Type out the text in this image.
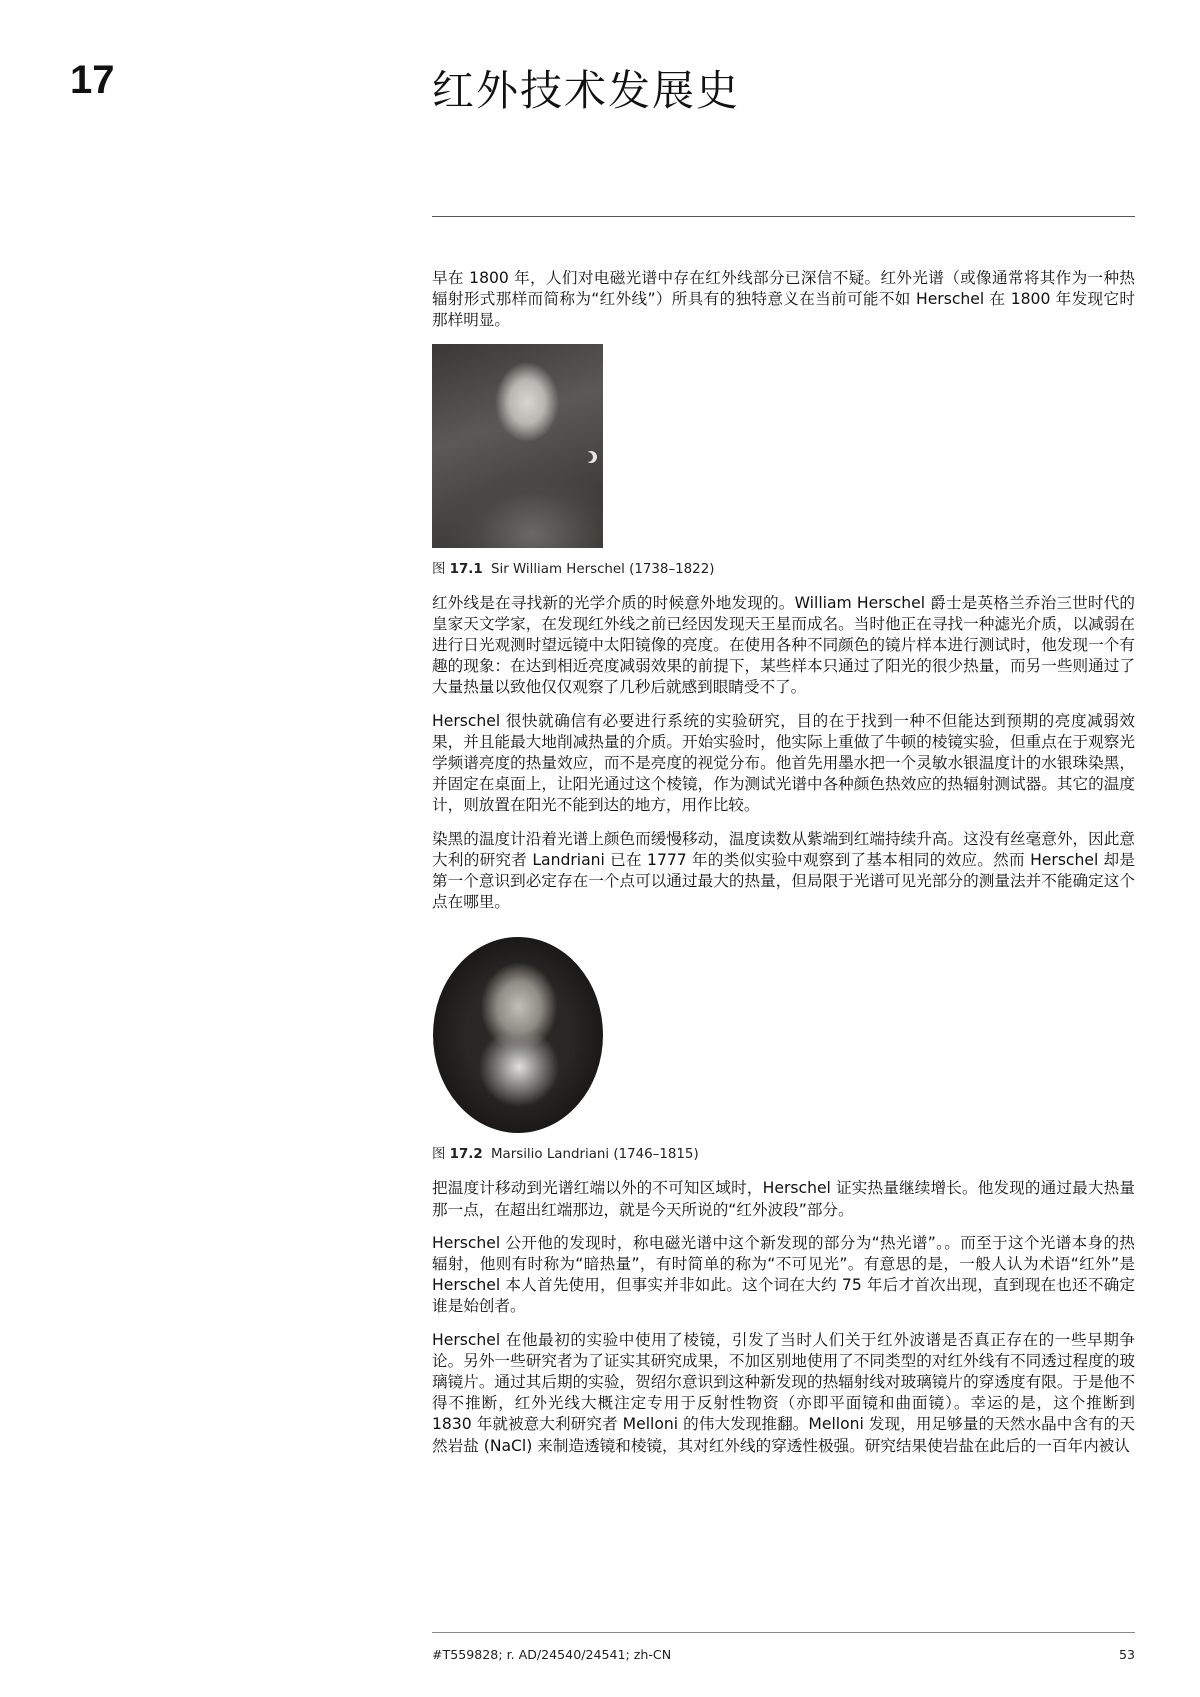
17	红外技术发展史

早在 1800 年，人们对电磁光谱中存在红外线部分已深信不疑。红外光谱（或像通常将其作为一种热辐射形式那样而简称为“红外线”）所具有的独特意义在当前可能不如 Herschel 在 1800 年发现它时那样明显。

图 17.1 Sir William Herschel (1738–1822)

红外线是在寻找新的光学介质的时候意外地发现的。William Herschel 爵士是英格兰乔治三世时代的皇家天文学家，在发现红外线之前已经因发现天王星而成名。当时他正在寻找一种滤光介质，以减弱在进行日光观测时望远镜中太阳镜像的亮度。在使用各种不同颜色的镜片样本进行测试时，他发现一个有趣的现象：在达到相近亮度减弱效果的前提下，某些样本只通过了阳光的很少热量，而另一些则通过了大量热量以致他仅仅观察了几秒后就感到眼睛受不了。

Herschel 很快就确信有必要进行系统的实验研究，目的在于找到一种不但能达到预期的亮度减弱效果，并且能最大地削减热量的介质。开始实验时，他实际上重做了牛顿的棱镜实验，但重点在于观察光学频谱亮度的热量效应，而不是亮度的视觉分布。他首先用墨水把一个灵敏水银温度计的水银珠染黑，并固定在桌面上，让阳光通过这个棱镜，作为测试光谱中各种颜色热效应的热辐射测试器。其它的温度计，则放置在阳光不能到达的地方，用作比较。

染黑的温度计沿着光谱上颜色而缓慢移动，温度读数从紫端到红端持续升高。这没有丝毫意外，因此意大利的研究者 Landriani 已在 1777 年的类似实验中观察到了基本相同的效应。然而 Herschel 却是第一个意识到必定存在一个点可以通过最大的热量，但局限于光谱可见光部分的测量法并不能确定这个点在哪里。

图 17.2 Marsilio Landriani (1746–1815)

把温度计移动到光谱红端以外的不可知区域时，Herschel 证实热量继续增长。他发现的通过最大热量那一点，在超出红端那边，就是今天所说的“红外波段”部分。

Herschel 公开他的发现时，称电磁光谱中这个新发现的部分为“热光谱”。。而至于这个光谱本身的热辐射，他则有时称为“暗热量”，有时简单的称为“不可见光”。有意思的是，一般人认为术语“红外”是 Herschel 本人首先使用，但事实并非如此。这个词在大约 75 年后才首次出现，直到现在也还不确定谁是始创者。

Herschel 在他最初的实验中使用了棱镜，引发了当时人们关于红外波谱是否真正存在的一些早期争论。另外一些研究者为了证实其研究成果，不加区别地使用了不同类型的对红外线有不同透过程度的玻璃镜片。通过其后期的实验，贺绍尔意识到这种新发现的热辐射线对玻璃镜片的穿透度有限。于是他不得不推断，红外光线大概注定专用于反射性物资（亦即平面镜和曲面镜）。幸运的是，这个推断到 1830 年就被意大利研究者 Melloni 的伟大发现推翻。Melloni 发现，用足够量的天然水晶中含有的天然岩盐 (NaCl) 来制造透镜和棱镜，其对红外线的穿透性极强。研究结果使岩盐在此后的一百年内被认

#T559828; r. AD/24540/24541; zh-CN	53
